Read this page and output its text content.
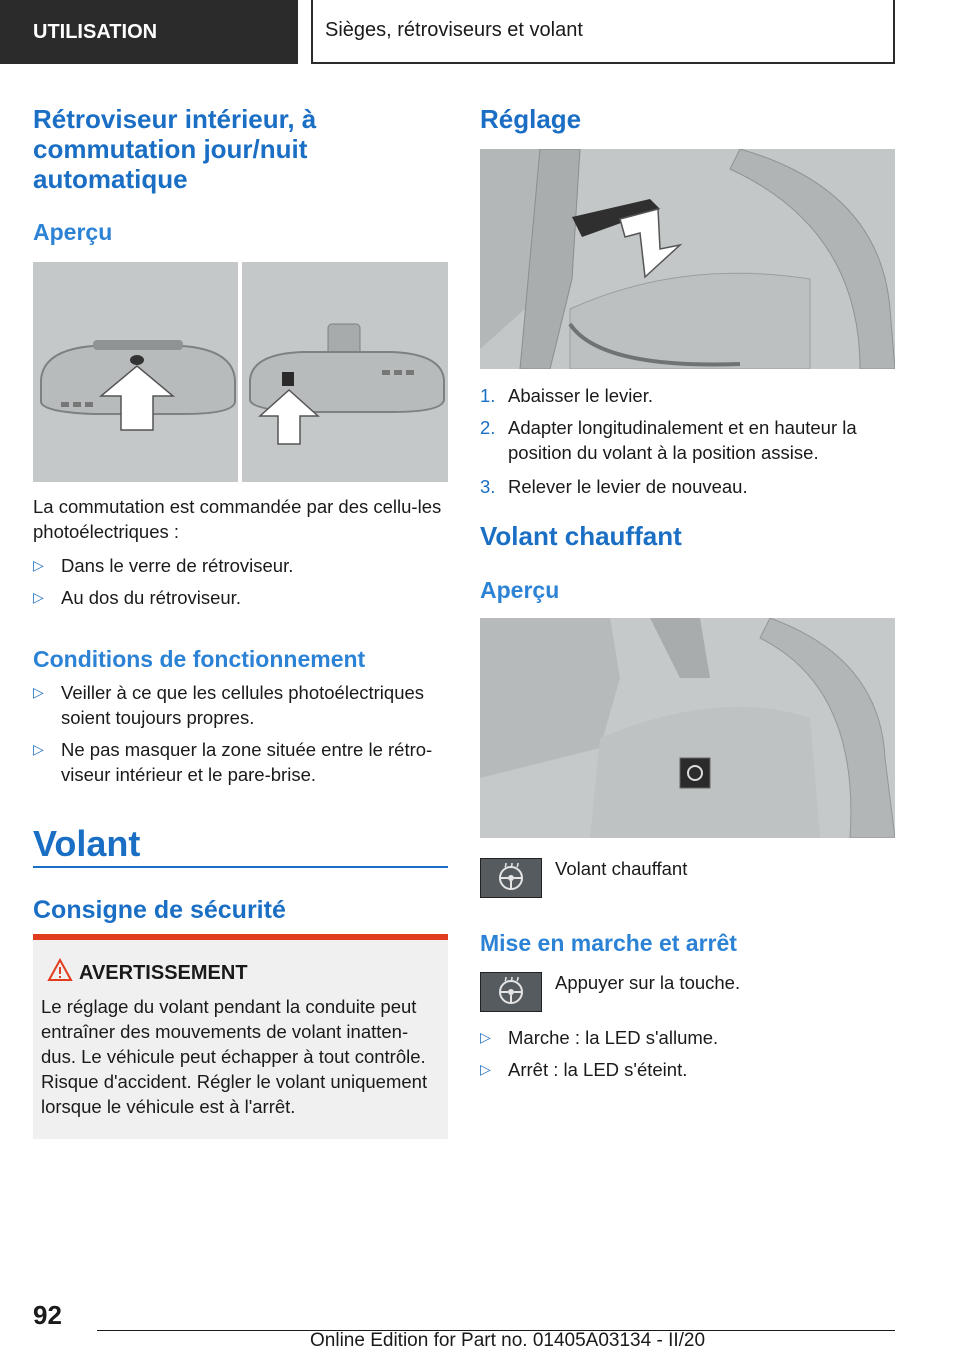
UTILISATION	Sièges, rétroviseurs et volant
Rétroviseur intérieur, à commutation jour/nuit automatique
Aperçu
La commutation est commandée par des cellu-les photoélectriques :
▷ Dans le verre de rétroviseur.
▷ Au dos du rétroviseur.
Conditions de fonctionnement
▷ Veiller à ce que les cellules photoélectriques soient toujours propres.
▷ Ne pas masquer la zone située entre le rétro-viseur intérieur et le pare-brise.
Volant
Consigne de sécurité
AVERTISSEMENT
Le réglage du volant pendant la conduite peut entraîner des mouvements de volant inatten-dus. Le véhicule peut échapper à tout contrôle. Risque d'accident. Régler le volant uniquement lorsque le véhicule est à l'arrêt.
Réglage
1. Abaisser le levier.
2. Adapter longitudinalement et en hauteur la position du volant à la position assise.
3. Relever le levier de nouveau.
Volant chauffant
Aperçu
Volant chauffant
Mise en marche et arrêt
Appuyer sur la touche.
▷ Marche : la LED s'allume.
▷ Arrêt : la LED s'éteint.
92
Online Edition for Part no. 01405A03134 - II/20
